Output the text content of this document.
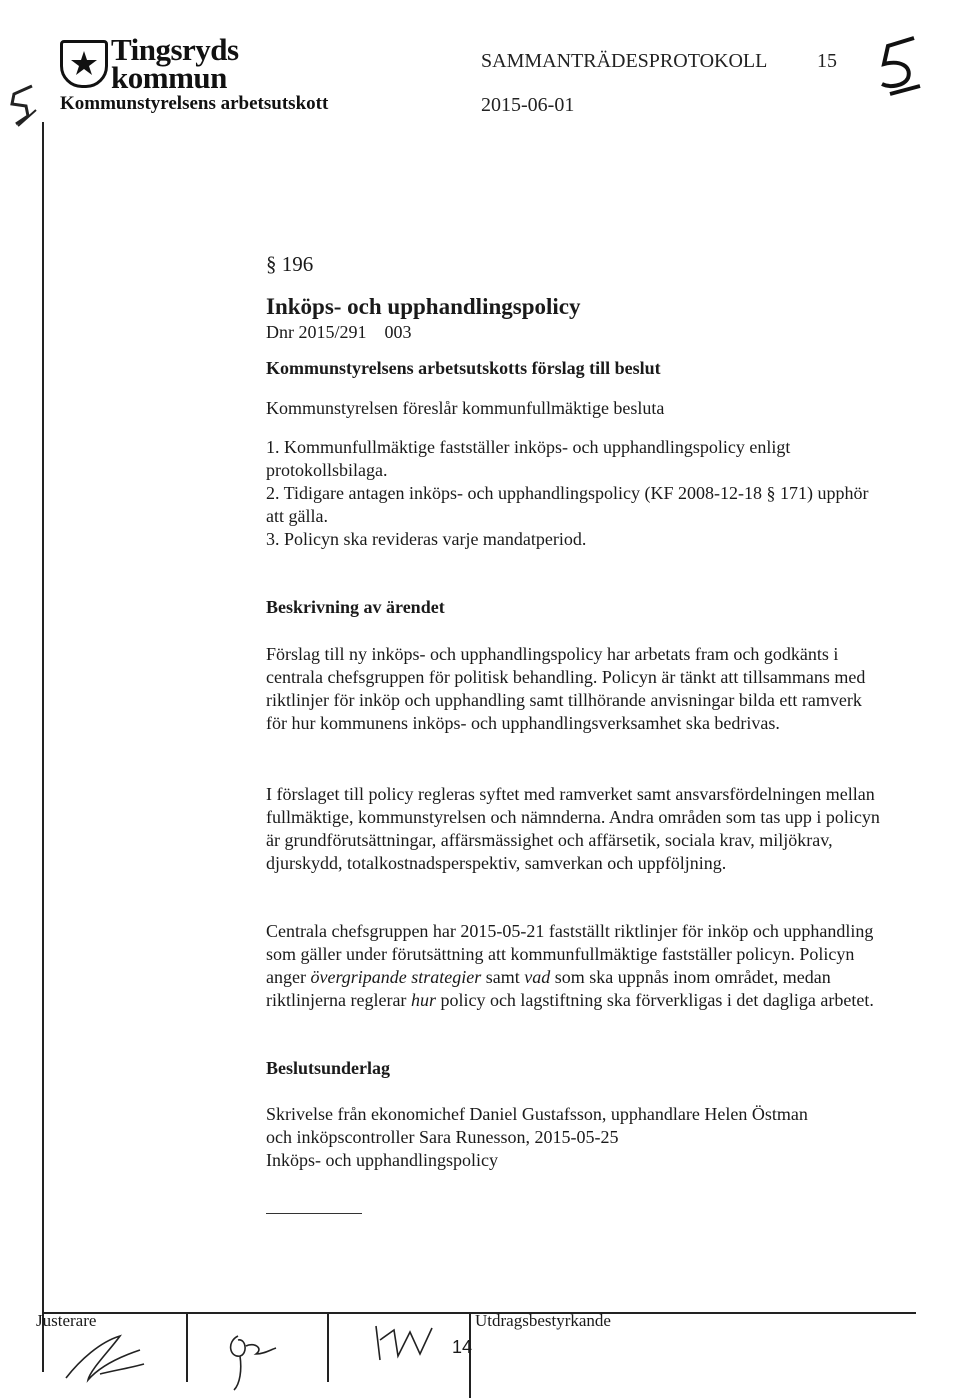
Tingsryds
kommun
Kommunstyrelsens arbetsutskott
SAMMANTRÄDESPROTOKOLL 15
2015-06-01
§ 196
Inköps- och upphandlingspolicy
Dnr 2015/291    003
Kommunstyrelsens arbetsutskotts förslag till beslut
Kommunstyrelsen föreslår kommunfullmäktige besluta
1. Kommunfullmäktige fastställer inköps- och upphandlingspolicy enligt protokollsbilaga.
2. Tidigare antagen inköps- och upphandlingspolicy (KF 2008-12-18 § 171) upphör att gälla.
3. Policyn ska revideras varje mandatperiod.
Beskrivning av ärendet

Förslag till ny inköps- och upphandlingspolicy har arbetats fram och godkänts i centrala chefsgruppen för politisk behandling. Policyn är tänkt att tillsammans med riktlinjer för inköp och upphandling samt tillhörande anvisningar bilda ett ramverk för hur kommunens inköps- och upphandlingsverksamhet ska bedrivas.

I förslaget till policy regleras syftet med ramverket samt ansvarsfördelningen mellan fullmäktige, kommunstyrelsen och nämnderna. Andra områden som tas upp i policyn är grundförutsättningar, affärsmässighet och affärsetik, sociala krav, miljökrav, djurskydd, totalkostnadsperspektiv, samverkan och uppföljning.

Centrala chefsgruppen har 2015-05-21 fastställt riktlinjer för inköp och upphandling som gäller under förutsättning att kommunfullmäktige fastställer policyn. Policyn anger övergripande strategier samt vad som ska uppnås inom området, medan riktlinjerna reglerar hur policy och lagstiftning ska förverkligas i det dagliga arbetet.

Beslutsunderlag
Skrivelse från ekonomichef Daniel Gustafsson, upphandlare Helen Östman
och inköpscontroller Sara Runesson, 2015-05-25
Inköps- och upphandlingspolicy
Justerare	Utdragsbestyrkande
14
